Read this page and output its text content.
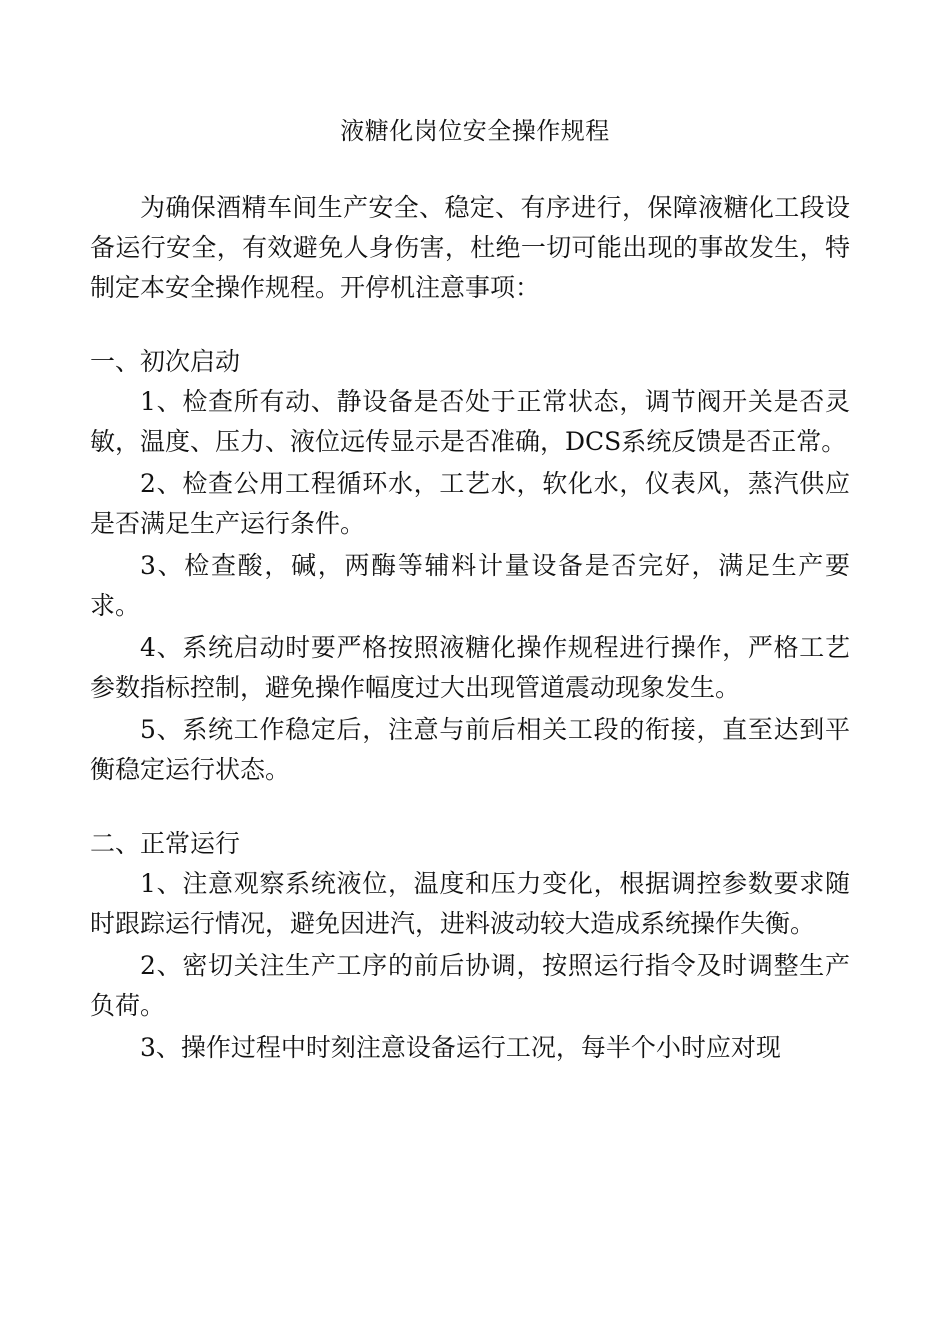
液糖化岗位安全操作规程

为确保酒精车间生产安全、稳定、有序进行，保障液糖化工段设备运行安全，有效避免人身伤害，杜绝一切可能出现的事故发生，特制定本安全操作规程。开停机注意事项：

一、初次启动

1、检查所有动、静设备是否处于正常状态，调节阀开关是否灵敏，温度、压力、液位远传显示是否准确，DCS系统反馈是否正常。

2、检查公用工程循环水，工艺水，软化水，仪表风，蒸汽供应是否满足生产运行条件。

3、检查酸，碱，两酶等辅料计量设备是否完好，满足生产要求。

4、系统启动时要严格按照液糖化操作规程进行操作，严格工艺参数指标控制，避免操作幅度过大出现管道震动现象发生。

5、系统工作稳定后，注意与前后相关工段的衔接，直至达到平衡稳定运行状态。

二、正常运行

1、注意观察系统液位，温度和压力变化，根据调控参数要求随时跟踪运行情况，避免因进汽，进料波动较大造成系统操作失衡。

2、密切关注生产工序的前后协调，按照运行指令及时调整生产负荷。

3、操作过程中时刻注意设备运行工况，每半个小时应对现
